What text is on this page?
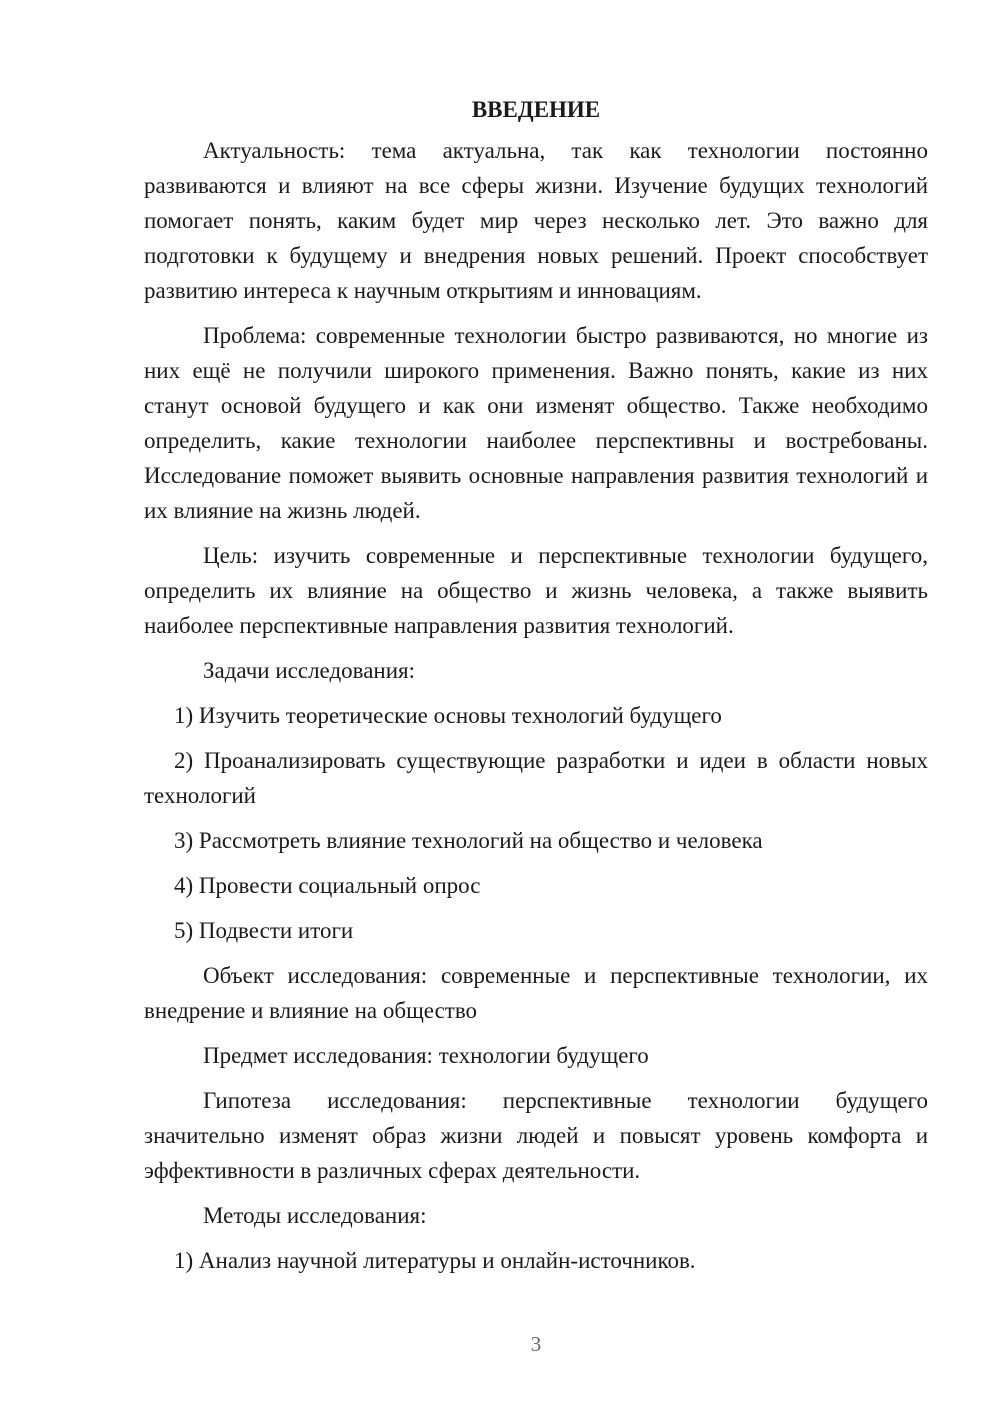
ВВЕДЕНИЕ

Актуальность: тема актуальна, так как технологии постоянно развиваются и влияют на все сферы жизни. Изучение будущих технологий помогает понять, каким будет мир через несколько лет. Это важно для подготовки к будущему и внедрения новых решений. Проект способствует развитию интереса к научным открытиям и инновациям.

Проблема: современные технологии быстро развиваются, но многие из них ещё не получили широкого применения. Важно понять, какие из них станут основой будущего и как они изменят общество. Также необходимо определить, какие технологии наиболее перспективны и востребованы. Исследование поможет выявить основные направления развития технологий и их влияние на жизнь людей.

Цель: изучить современные и перспективные технологии будущего, определить их влияние на общество и жизнь человека, а также выявить наиболее перспективные направления развития технологий.

Задачи исследования:

1) Изучить теоретические основы технологий будущего

2) Проанализировать существующие разработки и идеи в области новых технологий

3) Рассмотреть влияние технологий на общество и человека

4) Провести социальный опрос

5) Подвести итоги

Объект исследования: современные и перспективные технологии, их внедрение и влияние на общество

Предмет исследования: технологии будущего

Гипотеза исследования: перспективные технологии будущего значительно изменят образ жизни людей и повысят уровень комфорта и эффективности в различных сферах деятельности.

Методы исследования:

1) Анализ научной литературы и онлайн-источников.

3
